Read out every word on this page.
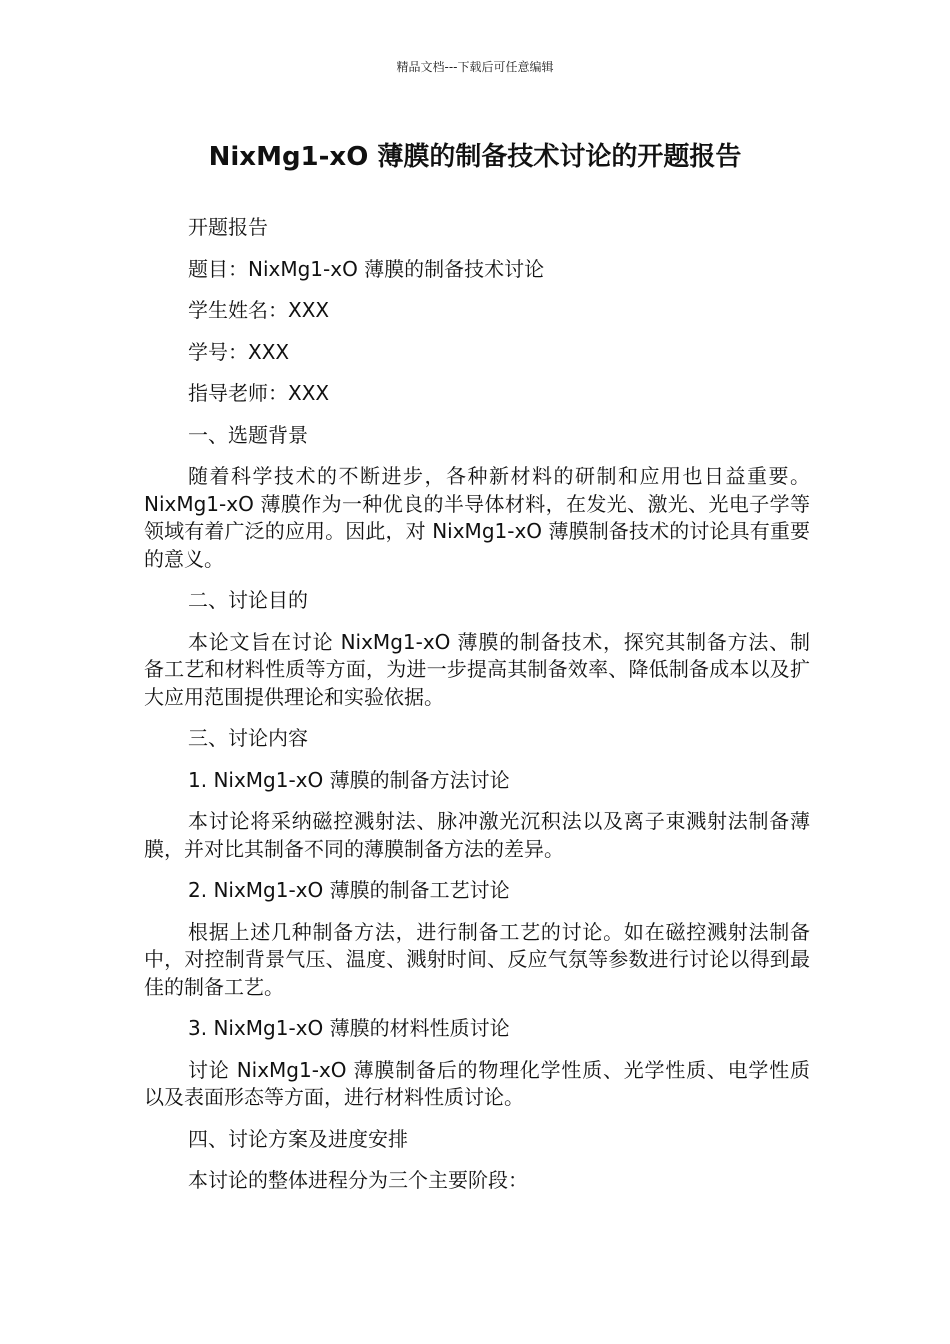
精品文档---下载后可任意编辑
NixMg1-xO 薄膜的制备技术讨论的开题报告

开题报告

题目：NixMg1-xO 薄膜的制备技术讨论

学生姓名：XXX

学号：XXX

指导老师：XXX

一、选题背景

随着科学技术的不断进步，各种新材料的研制和应用也日益重要。NixMg1-xO 薄膜作为一种优良的半导体材料，在发光、激光、光电子学等领域有着广泛的应用。因此，对 NixMg1-xO 薄膜制备技术的讨论具有重要的意义。

二、讨论目的

本论文旨在讨论 NixMg1-xO 薄膜的制备技术，探究其制备方法、制备工艺和材料性质等方面，为进一步提高其制备效率、降低制备成本以及扩大应用范围提供理论和实验依据。

三、讨论内容

1. NixMg1-xO 薄膜的制备方法讨论

本讨论将采纳磁控溅射法、脉冲激光沉积法以及离子束溅射法制备薄膜，并对比其制备不同的薄膜制备方法的差异。

2. NixMg1-xO 薄膜的制备工艺讨论

根据上述几种制备方法，进行制备工艺的讨论。如在磁控溅射法制备中，对控制背景气压、温度、溅射时间、反应气氛等参数进行讨论以得到最佳的制备工艺。

3. NixMg1-xO 薄膜的材料性质讨论

讨论 NixMg1-xO 薄膜制备后的物理化学性质、光学性质、电学性质以及表面形态等方面，进行材料性质讨论。

四、讨论方案及进度安排

本讨论的整体进程分为三个主要阶段：
